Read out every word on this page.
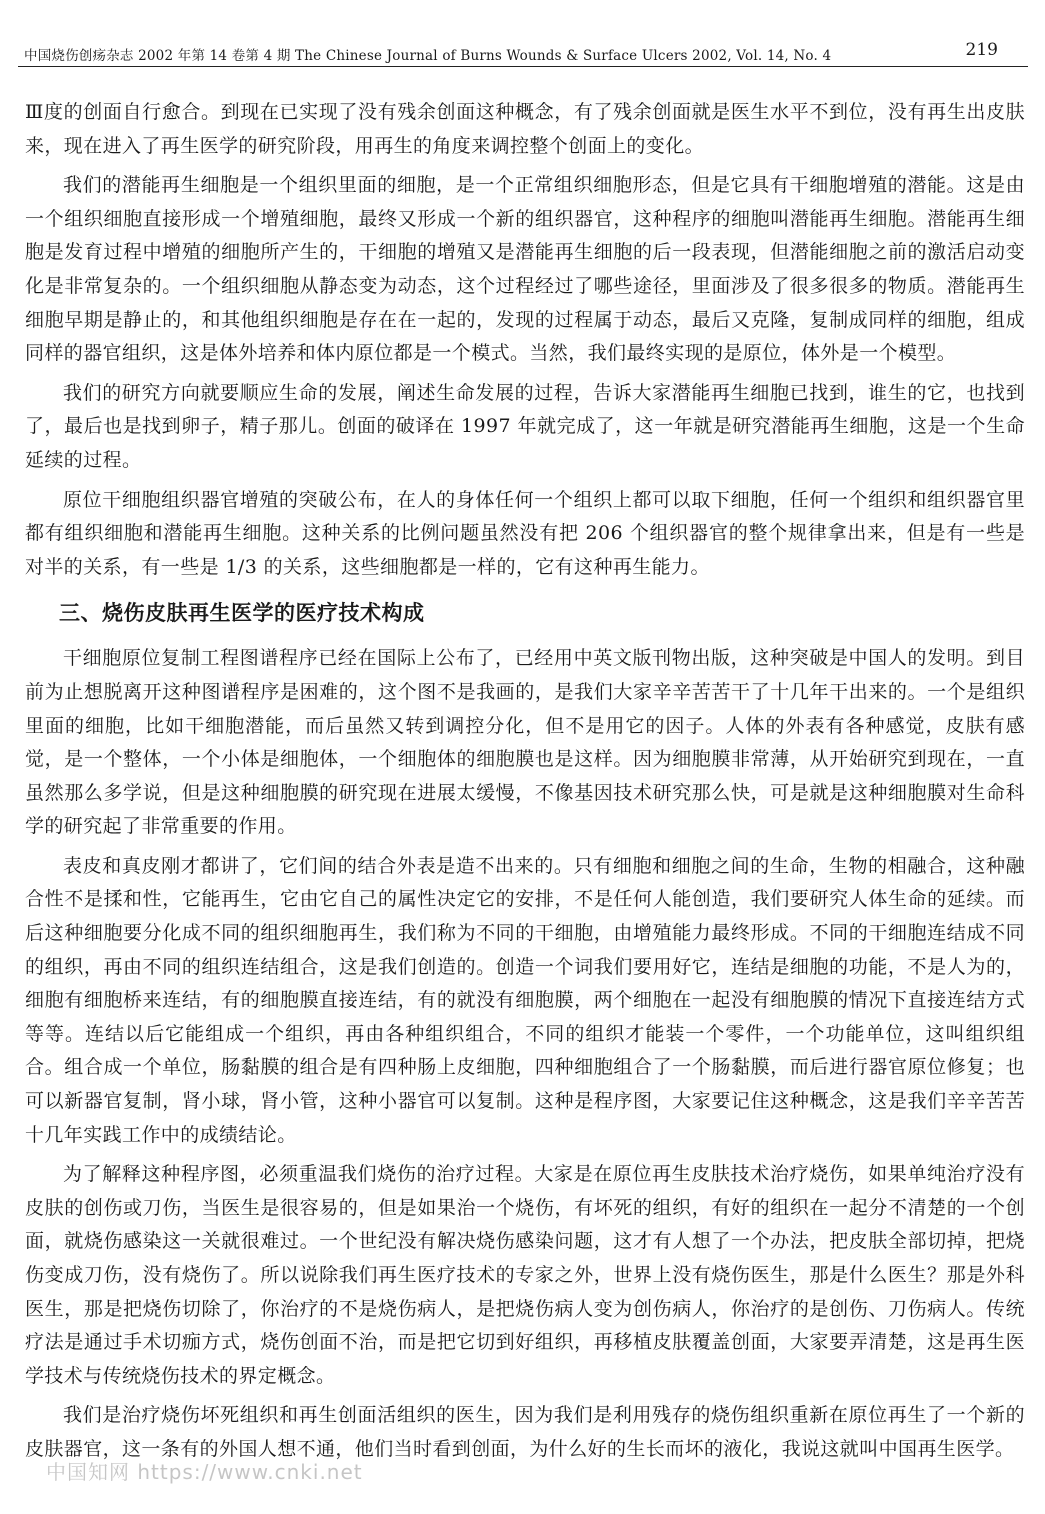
中国烧伤创疡杂志 2002 年第 14 卷第 4 期 The Chinese Journal of Burns Wounds & Surface Ulcers 2002, Vol. 14, No. 4	219

Ⅲ度的创面自行愈合。到现在已实现了没有残余创面这种概念，有了残余创面就是医生水平不到位，没有再生出皮肤来，现在进入了再生医学的研究阶段，用再生的角度来调控整个创面上的变化。

我们的潜能再生细胞是一个组织里面的细胞，是一个正常组织细胞形态，但是它具有干细胞增殖的潜能。这是由一个组织细胞直接形成一个增殖细胞，最终又形成一个新的组织器官，这种程序的细胞叫潜能再生细胞。潜能再生细胞是发育过程中增殖的细胞所产生的，干细胞的增殖又是潜能再生细胞的后一段表现，但潜能细胞之前的激活启动变化是非常复杂的。一个组织细胞从静态变为动态，这个过程经过了哪些途径，里面涉及了很多很多的物质。潜能再生细胞早期是静止的，和其他组织细胞是存在在一起的，发现的过程属于动态，最后又克隆，复制成同样的细胞，组成同样的器官组织，这是体外培养和体内原位都是一个模式。当然，我们最终实现的是原位，体外是一个模型。

我们的研究方向就要顺应生命的发展，阐述生命发展的过程，告诉大家潜能再生细胞已找到，谁生的它，也找到了，最后也是找到卵子，精子那儿。创面的破译在 1997 年就完成了，这一年就是研究潜能再生细胞，这是一个生命延续的过程。

原位干细胞组织器官增殖的突破公布，在人的身体任何一个组织上都可以取下细胞，任何一个组织和组织器官里都有组织细胞和潜能再生细胞。这种关系的比例问题虽然没有把 206 个组织器官的整个规律拿出来，但是有一些是对半的关系，有一些是 1/3 的关系，这些细胞都是一样的，它有这种再生能力。

三、烧伤皮肤再生医学的医疗技术构成

干细胞原位复制工程图谱程序已经在国际上公布了，已经用中英文版刊物出版，这种突破是中国人的发明。到目前为止想脱离开这种图谱程序是困难的，这个图不是我画的，是我们大家辛辛苦苦干了十几年干出来的。一个是组织里面的细胞，比如干细胞潜能，而后虽然又转到调控分化，但不是用它的因子。人体的外表有各种感觉，皮肤有感觉，是一个整体，一个小体是细胞体，一个细胞体的细胞膜也是这样。因为细胞膜非常薄，从开始研究到现在，一直虽然那么多学说，但是这种细胞膜的研究现在进展太缓慢，不像基因技术研究那么快，可是就是这种细胞膜对生命科学的研究起了非常重要的作用。

表皮和真皮刚才都讲了，它们间的结合外表是造不出来的。只有细胞和细胞之间的生命，生物的相融合，这种融合性不是揉和性，它能再生，它由它自己的属性决定它的安排，不是任何人能创造，我们要研究人体生命的延续。而后这种细胞要分化成不同的组织细胞再生，我们称为不同的干细胞，由增殖能力最终形成。不同的干细胞连结成不同的组织，再由不同的组织连结组合，这是我们创造的。创造一个词我们要用好它，连结是细胞的功能，不是人为的，细胞有细胞桥来连结，有的细胞膜直接连结，有的就没有细胞膜，两个细胞在一起没有细胞膜的情况下直接连结方式等等。连结以后它能组成一个组织，再由各种组织组合，不同的组织才能装一个零件，一个功能单位，这叫组织组合。组合成一个单位，肠黏膜的组合是有四种肠上皮细胞，四种细胞组合了一个肠黏膜，而后进行器官原位修复；也可以新器官复制，肾小球，肾小管，这种小器官可以复制。这种是程序图，大家要记住这种概念，这是我们辛辛苦苦十几年实践工作中的成绩结论。

为了解释这种程序图，必须重温我们烧伤的治疗过程。大家是在原位再生皮肤技术治疗烧伤，如果单纯治疗没有皮肤的创伤或刀伤，当医生是很容易的，但是如果治一个烧伤，有坏死的组织，有好的组织在一起分不清楚的一个创面，就烧伤感染这一关就很难过。一个世纪没有解决烧伤感染问题，这才有人想了一个办法，把皮肤全部切掉，把烧伤变成刀伤，没有烧伤了。所以说除我们再生医疗技术的专家之外，世界上没有烧伤医生，那是什么医生？那是外科医生，那是把烧伤切除了，你治疗的不是烧伤病人，是把烧伤病人变为创伤病人，你治疗的是创伤、刀伤病人。传统疗法是通过手术切痂方式，烧伤创面不治，而是把它切到好组织，再移植皮肤覆盖创面，大家要弄清楚，这是再生医学技术与传统烧伤技术的界定概念。

我们是治疗烧伤坏死组织和再生创面活组织的医生，因为我们是利用残存的烧伤组织重新在原位再生了一个新的皮肤器官，这一条有的外国人想不通，他们当时看到创面，为什么好的生长而坏的液化，我说这就叫中国再生医学。

中国知网 https://www.cnki.net
